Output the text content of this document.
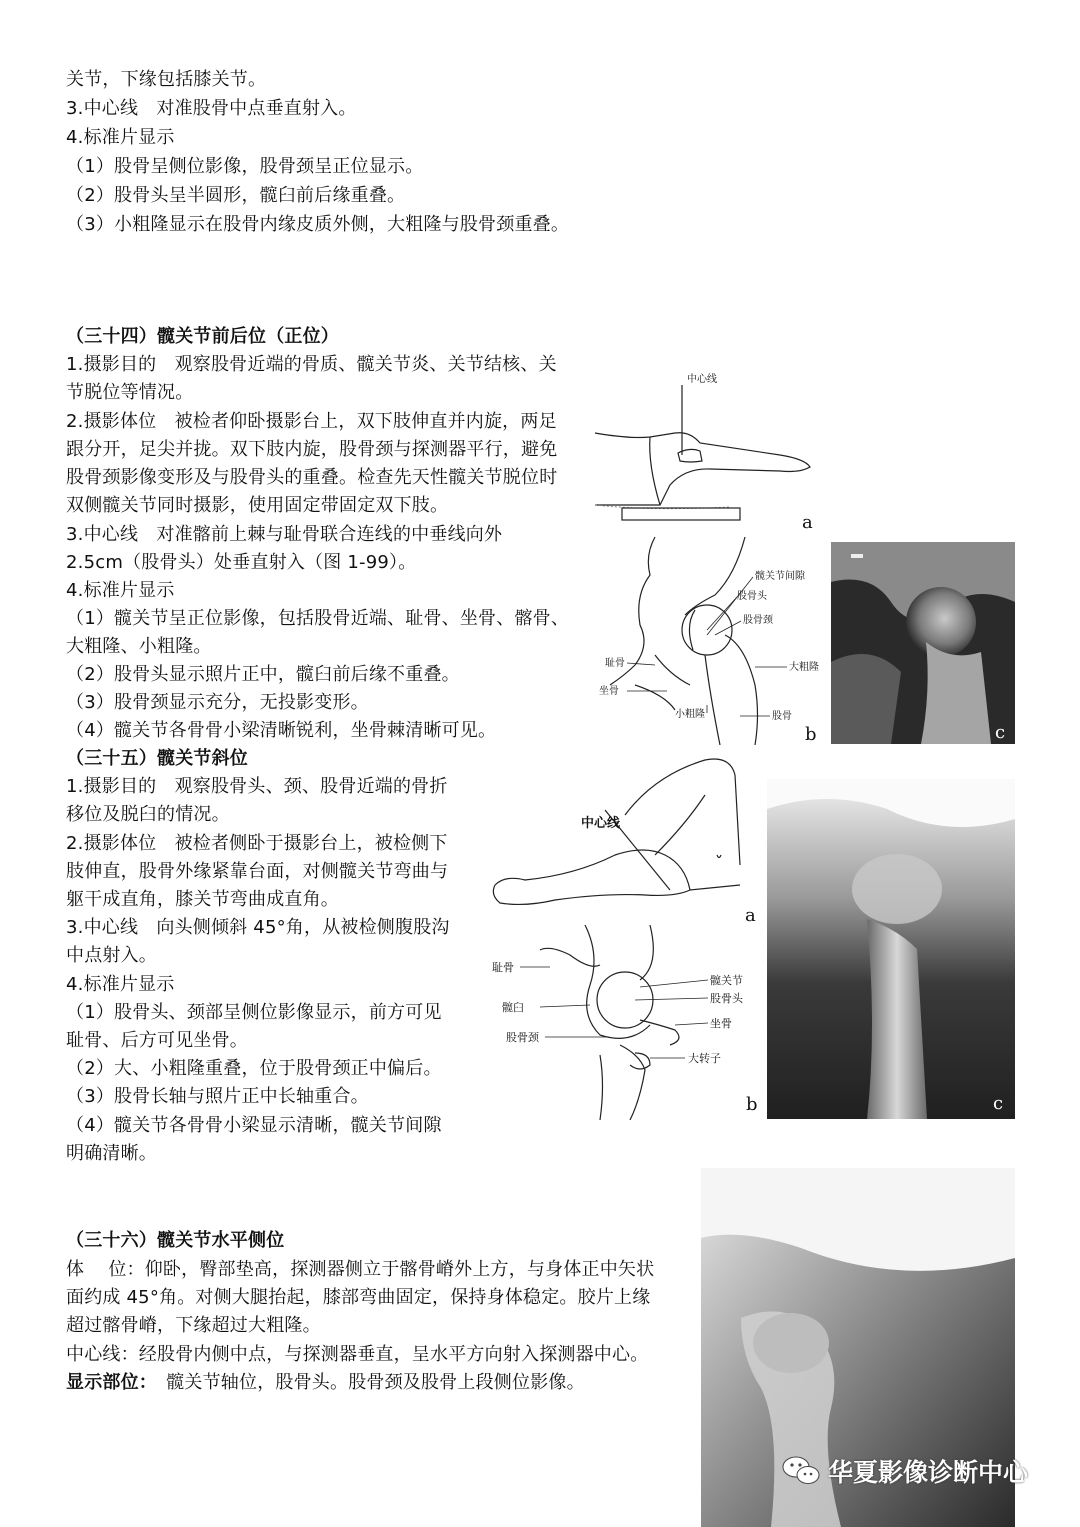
关节，下缘包括膝关节。
3.中心线　对准股骨中点垂直射入。
4.标准片显示
（1）股骨呈侧位影像，股骨颈呈正位显示。
（2）股骨头呈半圆形，髋臼前后缘重叠。
（3）小粗隆显示在股骨内缘皮质外侧，大粗隆与股骨颈重叠。
（三十四）髋关节前后位（正位）
1.摄影目的　观察股骨近端的骨质、髋关节炎、关节结核、关
节脱位等情况。
2.摄影体位　被检者仰卧摄影台上，双下肢伸直并内旋，两足
跟分开，足尖并拢。双下肢内旋，股骨颈与探测器平行，避免
股骨颈影像变形及与股骨头的重叠。检查先天性髋关节脱位时
双侧髋关节同时摄影，使用固定带固定双下肢。
3.中心线　对准髂前上棘与耻骨联合连线的中垂线向外
2.5cm（股骨头）处垂直射入（图 1-99）。
4.标准片显示
（1）髋关节呈正位影像，包括股骨近端、耻骨、坐骨、髂骨、
大粗隆、小粗隆。
（2）股骨头显示照片正中，髋臼前后缘不重叠。
（3）股骨颈显示充分，无投影变形。
（4）髋关节各骨骨小梁清晰锐利，坐骨棘清晰可见。
中心线
a
髋关节间隙
股骨头
股骨颈
耻骨
坐骨
大粗隆
小粗隆	股骨
b	c
（三十五）髋关节斜位
1.摄影目的　观察股骨头、颈、股骨近端的骨折
移位及脱臼的情况。
2.摄影体位　被检者侧卧于摄影台上，被检侧下
肢伸直，股骨外缘紧靠台面，对侧髋关节弯曲与
躯干成直角，膝关节弯曲成直角。
3.中心线　向头侧倾斜 45°角，从被检侧腹股沟
中点射入。
4.标准片显示
（1）股骨头、颈部呈侧位影像显示，前方可见
耻骨、后方可见坐骨。
（2）大、小粗隆重叠，位于股骨颈正中偏后。
（3）股骨长轴与照片正中长轴重合。
（4）髋关节各骨骨小梁显示清晰，髋关节间隙
明确清晰。
中心线
a
耻骨
髋臼
股骨颈
髋关节
股骨头
坐骨
大转子
b	c
（三十六）髋关节水平侧位
体　 位：仰卧，臀部垫高，探测器侧立于髂骨嵴外上方，与身体正中矢状
面约成 45°角。对侧大腿抬起，膝部弯曲固定，保持身体稳定。胶片上缘
超过髂骨嵴，下缘超过大粗隆。
中心线：经股骨内侧中点，与探测器垂直，呈水平方向射入探测器中心。
显示部位：　髋关节轴位，股骨头。股骨颈及股骨上段侧位影像。
华夏影像诊断中心
